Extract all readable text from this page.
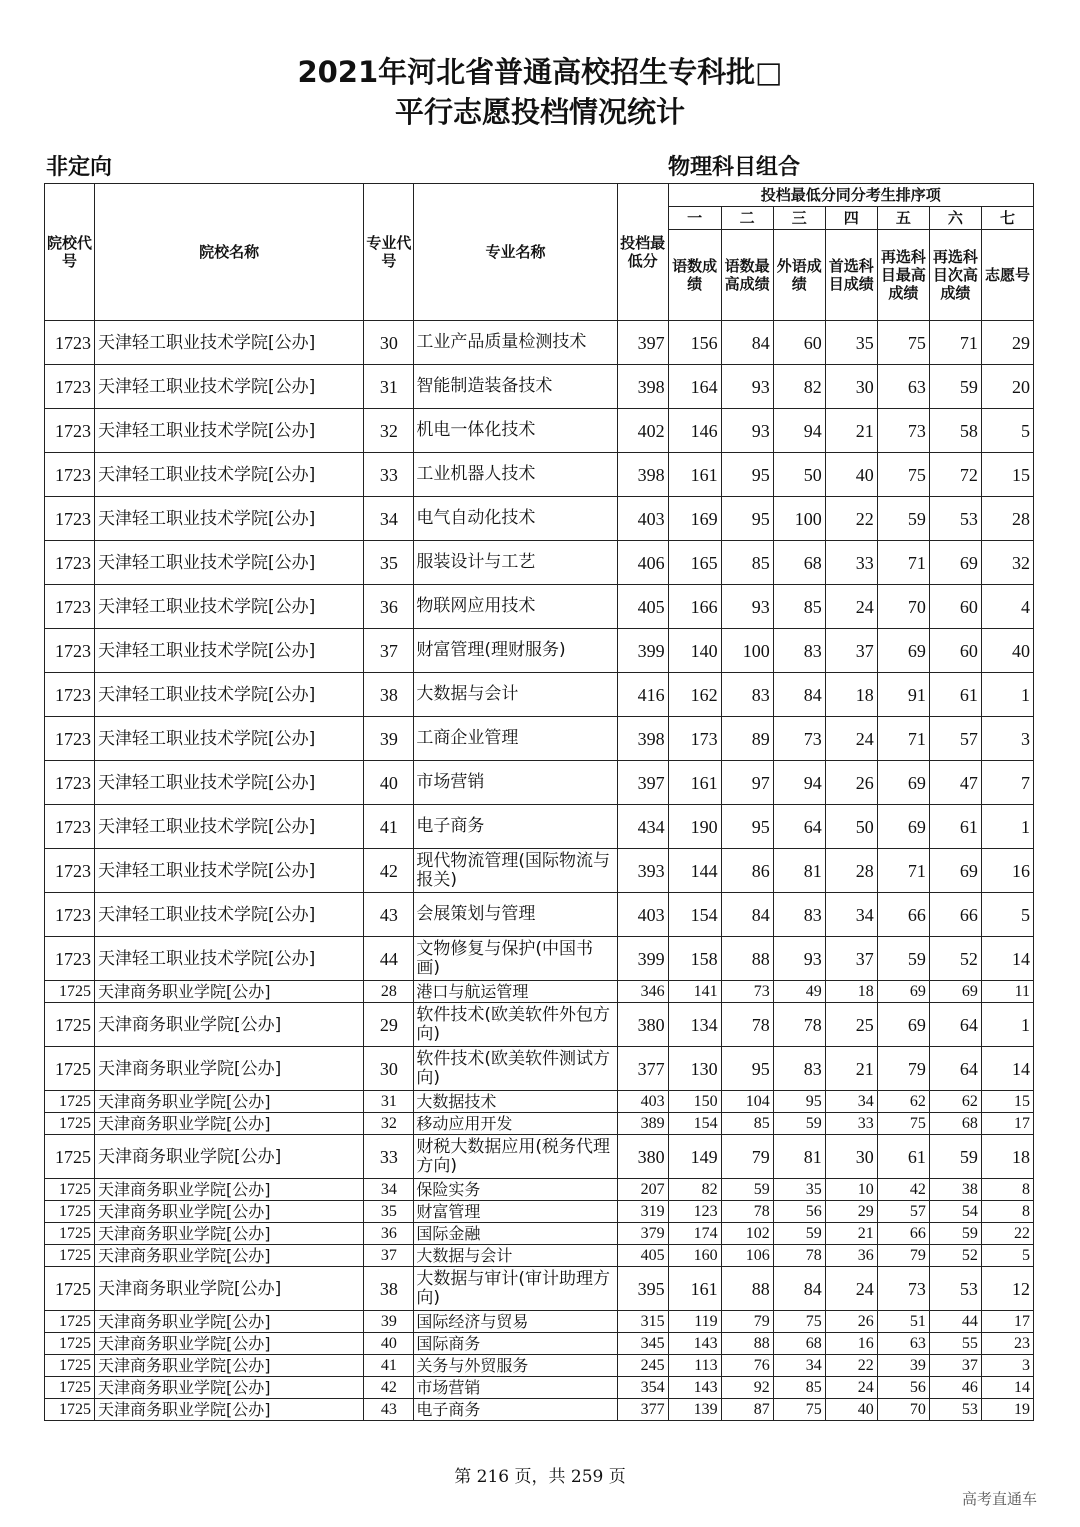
2021年河北省普通高校招生专科批□
平行志愿投档情况统计
非定向	物理科目组合
院校代号	院校名称	专业代号	专业名称	投档最低分	投档最低分同分考生排序项						
					一	二	三	四	五	六	七
					语数成绩	语数最高成绩	外语成绩	首选科目成绩	再选科目最高成绩	再选科目次高成绩	志愿号
1723	天津轻工职业技术学院[公办]	30	工业产品质量检测技术	397	156	84	60	35	75	71	29
1723	天津轻工职业技术学院[公办]	31	智能制造装备技术	398	164	93	82	30	63	59	20
1723	天津轻工职业技术学院[公办]	32	机电一体化技术	402	146	93	94	21	73	58	5
1723	天津轻工职业技术学院[公办]	33	工业机器人技术	398	161	95	50	40	75	72	15
1723	天津轻工职业技术学院[公办]	34	电气自动化技术	403	169	95	100	22	59	53	28
1723	天津轻工职业技术学院[公办]	35	服装设计与工艺	406	165	85	68	33	71	69	32
1723	天津轻工职业技术学院[公办]	36	物联网应用技术	405	166	93	85	24	70	60	4
1723	天津轻工职业技术学院[公办]	37	财富管理(理财服务)	399	140	100	83	37	69	60	40
1723	天津轻工职业技术学院[公办]	38	大数据与会计	416	162	83	84	18	91	61	1
1723	天津轻工职业技术学院[公办]	39	工商企业管理	398	173	89	73	24	71	57	3
1723	天津轻工职业技术学院[公办]	40	市场营销	397	161	97	94	26	69	47	7
1723	天津轻工职业技术学院[公办]	41	电子商务	434	190	95	64	50	69	61	1
1723	天津轻工职业技术学院[公办]	42	现代物流管理(国际物流与报关)	393	144	86	81	28	71	69	16
1723	天津轻工职业技术学院[公办]	43	会展策划与管理	403	154	84	83	34	66	66	5
1723	天津轻工职业技术学院[公办]	44	文物修复与保护(中国书画)	399	158	88	93	37	59	52	14
1725	天津商务职业学院[公办]	28	港口与航运管理	346	141	73	49	18	69	69	11
1725	天津商务职业学院[公办]	29	软件技术(欧美软件外包方向)	380	134	78	78	25	69	64	1
1725	天津商务职业学院[公办]	30	软件技术(欧美软件测试方向)	377	130	95	83	21	79	64	14
1725	天津商务职业学院[公办]	31	大数据技术	403	150	104	95	34	62	62	15
1725	天津商务职业学院[公办]	32	移动应用开发	389	154	85	59	33	75	68	17
1725	天津商务职业学院[公办]	33	财税大数据应用(税务代理方向)	380	149	79	81	30	61	59	18
1725	天津商务职业学院[公办]	34	保险实务	207	82	59	35	10	42	38	8
1725	天津商务职业学院[公办]	35	财富管理	319	123	78	56	29	57	54	8
1725	天津商务职业学院[公办]	36	国际金融	379	174	102	59	21	66	59	22
1725	天津商务职业学院[公办]	37	大数据与会计	405	160	106	78	36	79	52	5
1725	天津商务职业学院[公办]	38	大数据与审计(审计助理方向)	395	161	88	84	24	73	53	12
1725	天津商务职业学院[公办]	39	国际经济与贸易	315	119	79	75	26	51	44	17
1725	天津商务职业学院[公办]	40	国际商务	345	143	88	68	16	63	55	23
1725	天津商务职业学院[公办]	41	关务与外贸服务	245	113	76	34	22	39	37	3
1725	天津商务职业学院[公办]	42	市场营销	354	143	92	85	24	56	46	14
1725	天津商务职业学院[公办]	43	电子商务	377	139	87	75	40	70	53	19
第 216 页，共 259 页
高考直通车
